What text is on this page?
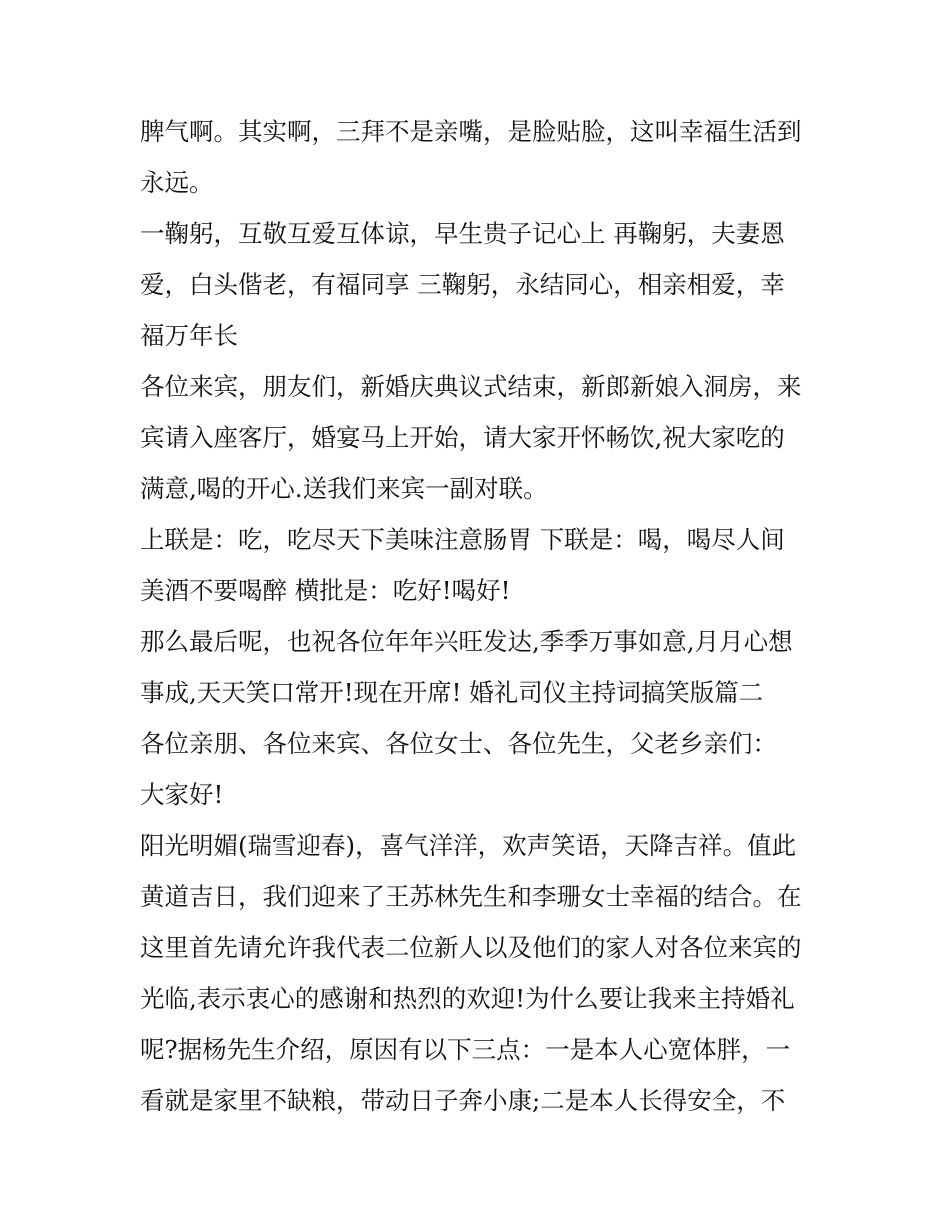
脾气啊。其实啊，三拜不是亲嘴，是脸贴脸，这叫幸福生活到
永远。
一鞠躬，互敬互爱互体谅，早生贵子记心上 再鞠躬，夫妻恩
爱，白头偕老，有福同享 三鞠躬，永结同心，相亲相爱，幸
福万年长
各位来宾，朋友们，新婚庆典议式结束，新郎新娘入洞房，来
宾请入座客厅，婚宴马上开始，请大家开怀畅饮,祝大家吃的
满意,喝的开心.送我们来宾一副对联。
上联是：吃，吃尽天下美味注意肠胃 下联是：喝，喝尽人间
美酒不要喝醉 横批是：吃好!喝好!
那么最后呢，也祝各位年年兴旺发达,季季万事如意,月月心想
事成,天天笑口常开!现在开席! 婚礼司仪主持词搞笑版篇二
各位亲朋、各位来宾、各位女士、各位先生，父老乡亲们：
大家好!
阳光明媚(瑞雪迎春)，喜气洋洋，欢声笑语，天降吉祥。值此
黄道吉日，我们迎来了王苏林先生和李珊女士幸福的结合。在
这里首先请允许我代表二位新人以及他们的家人对各位来宾的
光临,表示衷心的感谢和热烈的欢迎!为什么要让我来主持婚礼
呢?据杨先生介绍，原因有以下三点：一是本人心宽体胖，一
看就是家里不缺粮，带动日子奔小康;二是本人长得安全，不
